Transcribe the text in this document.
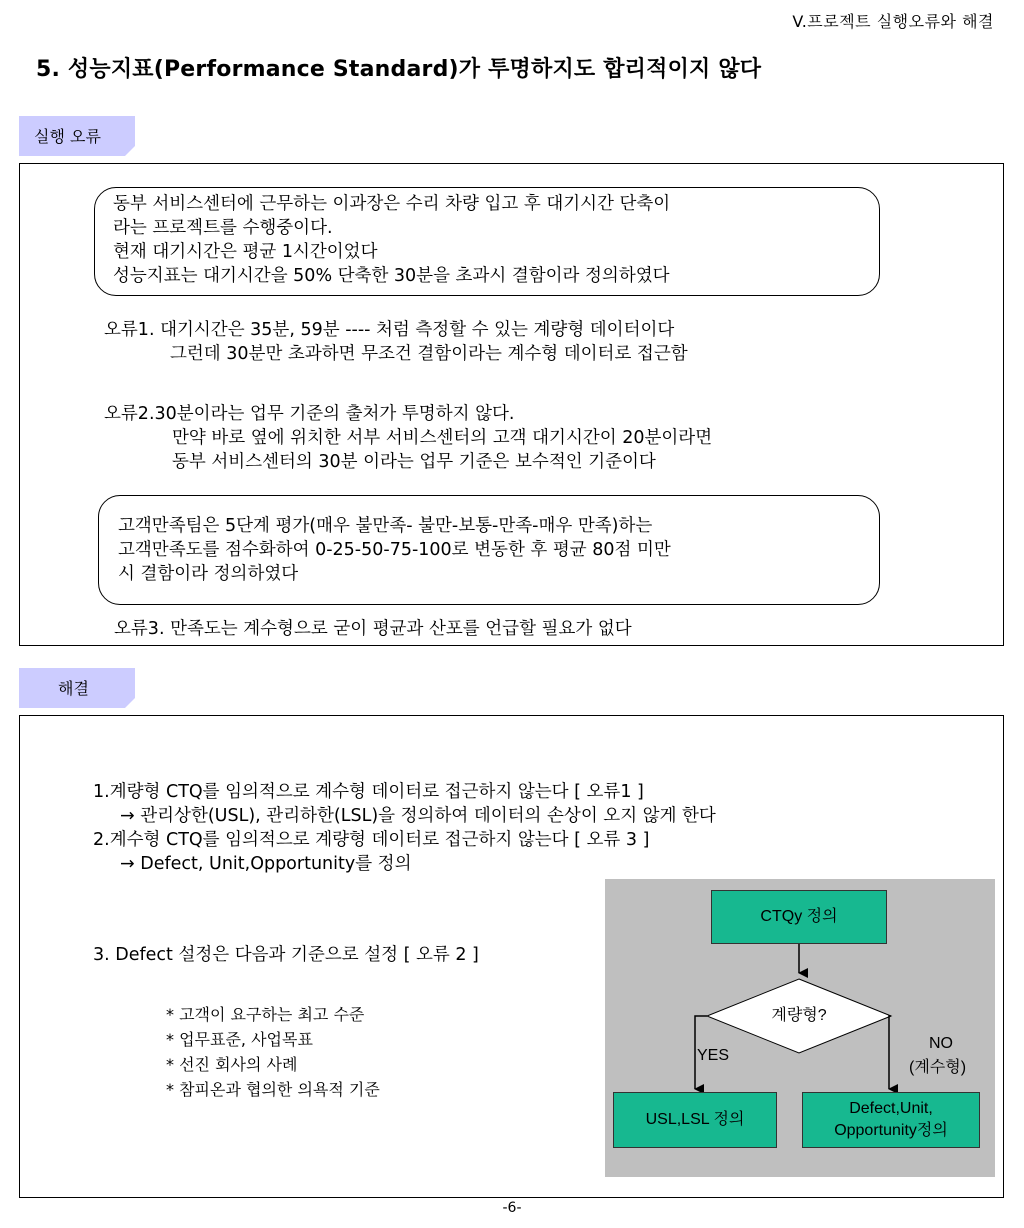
V.프로젝트 실행오류와 해결
5. 성능지표(Performance Standard)가 투명하지도 합리적이지 않다
실행 오류
동부 서비스센터에 근무하는 이과장은 수리 차량 입고 후 대기시간 단축이
라는 프로젝트를 수행중이다.
현재 대기시간은 평균 1시간이었다
성능지표는 대기시간을 50% 단축한 30분을 초과시 결함이라 정의하였다
오류1. 대기시간은 35분, 59분 ---- 처럼 측정할 수 있는 계량형 데이터이다
그런데 30분만 초과하면 무조건 결함이라는 계수형 데이터로 접근함
오류2.30분이라는 업무 기준의 출처가 투명하지 않다.
만약 바로 옆에 위치한 서부 서비스센터의 고객 대기시간이 20분이라면
동부 서비스센터의 30분 이라는 업무 기준은 보수적인 기준이다
고객만족팀은 5단계 평가(매우 불만족- 불만-보통-만족-매우 만족)하는
고객만족도를 점수화하여 0-25-50-75-100로 변동한 후 평균 80점 미만
시 결함이라 정의하였다
오류3. 만족도는 계수형으로 굳이 평균과 산포를 언급할 필요가 없다
해결
1.계량형 CTQ를 임의적으로 계수형 데이터로 접근하지 않는다 [ 오류1 ]
→ 관리상한(USL), 관리하한(LSL)을 정의하여 데이터의 손상이 오지 않게 한다
2.계수형 CTQ를 임의적으로 계량형 데이터로 접근하지 않는다 [ 오류 3 ]
→ Defect, Unit,Opportunity를 정의
3. Defect 설정은 다음과 기준으로 설정 [ 오류 2 ]
* 고객이 요구하는 최고 수준
* 업무표준, 사업목표
* 선진 회사의 사례
* 참피온과 협의한 의욕적 기준
CTQy 정의
계량형?
YES
NO
(계수형)
USL,LSL 정의
Defect,Unit,
Opportunity정의
-6-
